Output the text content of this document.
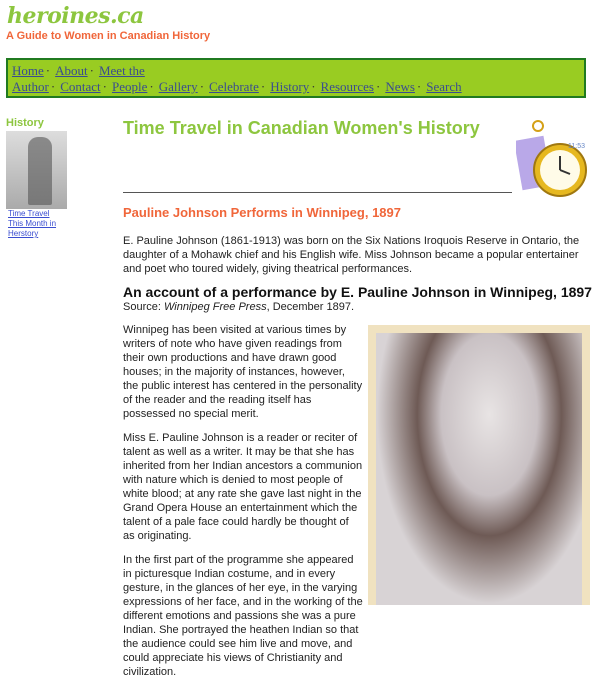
heroines.ca
A Guide to Women in Canadian History
Home · About · Meet the Author · Contact · People · Gallery · Celebrate · History · Resources · News · Search
History
Time Travel
This Month in Herstory
Time Travel in Canadian Women's History
11:53
Pauline Johnson Performs in Winnipeg, 1897
E. Pauline Johnson (1861-1913) was born on the Six Nations Iroquois Reserve in Ontario, the daughter of a Mohawk chief and his English wife. Miss Johnson became a popular entertainer and poet who toured widely, giving theatrical performances.
An account of a performance by E. Pauline Johnson in Winnipeg, 1897
Source: Winnipeg Free Press, December 1897.

Winnipeg has been visited at various times by writers of note who have given readings from their own productions and have drawn good houses; in the majority of instances, however, the public interest has centered in the personality of the reader and the reading itself has possessed no special merit.

Miss E. Pauline Johnson is a reader or reciter of talent as well as a writer. It may be that she has inherited from her Indian ancestors a communion with nature which is denied to most people of white blood; at any rate she gave last night in the Grand Opera House an entertainment which the talent of a pale face could hardly be thought of as originating.

In the first part of the programme she appeared in picturesque Indian costume, and in every gesture, in the glances of her eye, in the varying expressions of her face, and in the working of the different emotions and passions she was a pure Indian. She portrayed the heathen Indian so that the audience could see him live and move, and could appreciate his views of Christianity and civilization.
